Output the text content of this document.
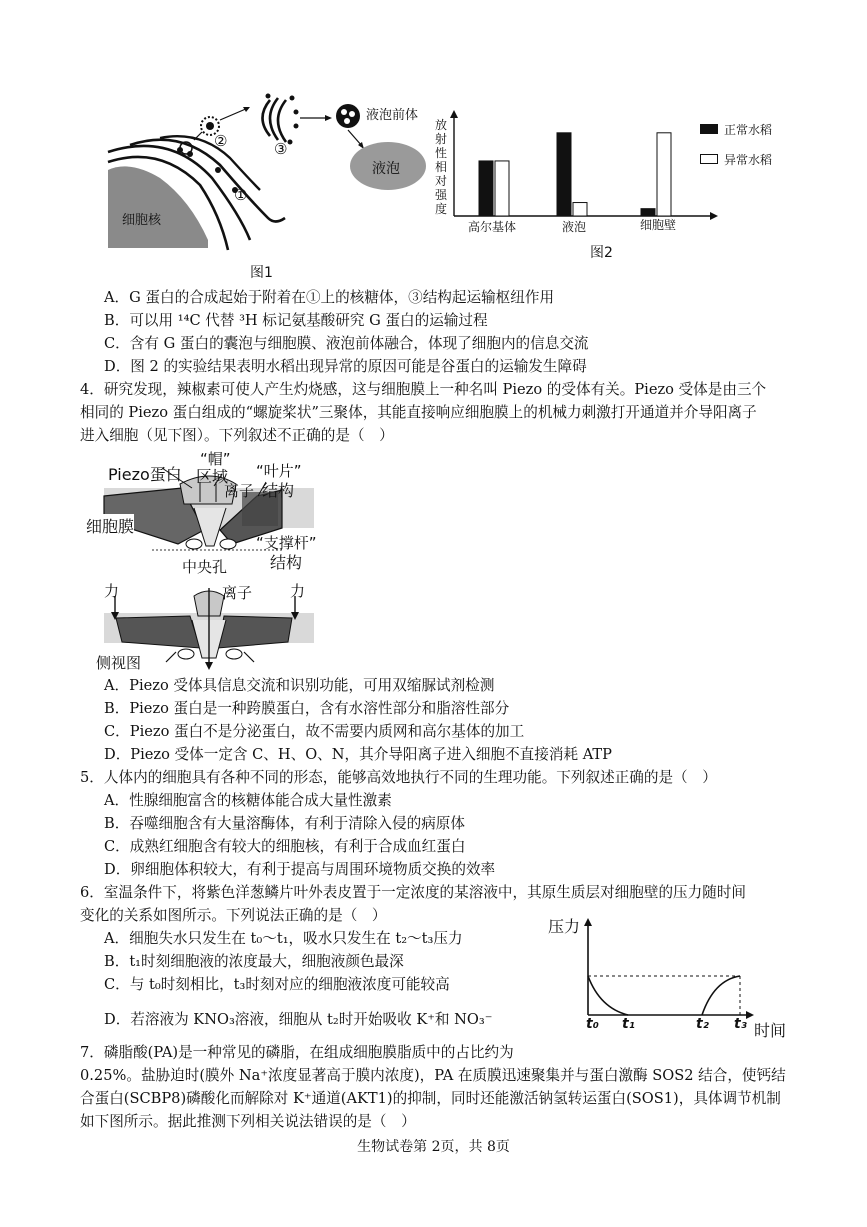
细胞核
①
②	③
液泡前体
液泡
图1
放
射
性
相
对
强
度
高尔基体	液泡	细胞壁
正常水稻
异常水稻
图2
A．G 蛋白的合成起始于附着在①上的核糖体，③结构起运输枢纽作用
B．可以用 ¹⁴C 代替 ³H 标记氨基酸研究 G 蛋白的运输过程
C．含有 G 蛋白的囊泡与细胞膜、液泡前体融合，体现了细胞内的信息交流
D．图 2 的实验结果表明水稻出现异常的原因可能是谷蛋白的运输发生障碍
4．研究发现，辣椒素可使人产生灼烧感，这与细胞膜上一种名叫 Piezo 的受体有关。Piezo 受体是由三个
相同的 Piezo 蛋白组成的“螺旋桨状”三聚体，其能直接响应细胞膜上的机械力刺激打开通道并介导阳离子
进入细胞（见下图）。下列叙述不正确的是（　）
Piezo蛋白
“帽”
区域
离子
“叶片”
结构
细胞膜
“支撑杆”
结构
中央孔
离子
力	力
侧视图
A．Piezo 受体具信息交流和识别功能，可用双缩脲试剂检测
B．Piezo 蛋白是一种跨膜蛋白，含有水溶性部分和脂溶性部分
C．Piezo 蛋白不是分泌蛋白，故不需要内质网和高尔基体的加工
D．Piezo 受体一定含 C、H、O、N，其介导阳离子进入细胞不直接消耗 ATP
5．人体内的细胞具有各种不同的形态，能够高效地执行不同的生理功能。下列叙述正确的是（　）
A．性腺细胞富含的核糖体能合成大量性激素
B．吞噬细胞含有大量溶酶体，有利于清除入侵的病原体
C．成熟红细胞含有较大的细胞核，有利于合成血红蛋白
D．卵细胞体积较大，有利于提高与周围环境物质交换的效率
6．室温条件下，将紫色洋葱鳞片叶外表皮置于一定浓度的某溶液中，其原生质层对细胞壁的压力随时间
变化的关系如图所示。下列说法正确的是（　）
A．细胞失水只发生在 t₀～t₁，吸水只发生在 t₂～t₃压力
B．t₁时刻细胞液的浓度最大，细胞液颜色最深
C．与 t₀时刻相比，t₃时刻对应的细胞液浓度可能较高
D．若溶液为 KNO₃溶液，细胞从 t₂时开始吸收 K⁺和 NO₃⁻
压力
时间
t₀ t₁	t₂ t₃
7．磷脂酸(PA)是一种常见的磷脂，在组成细胞膜脂质中的占比约为
0.25%。盐胁迫时(膜外 Na⁺浓度显著高于膜内浓度)，PA 在质膜迅速聚集并与蛋白激酶 SOS2 结合，使钙结
合蛋白(SCBP8)磷酸化而解除对 K⁺通道(AKT1)的抑制，同时还能激活钠氢转运蛋白(SOS1)，具体调节机制
如下图所示。据此推测下列相关说法错误的是（　）
生物试卷第 2页，共 8页
